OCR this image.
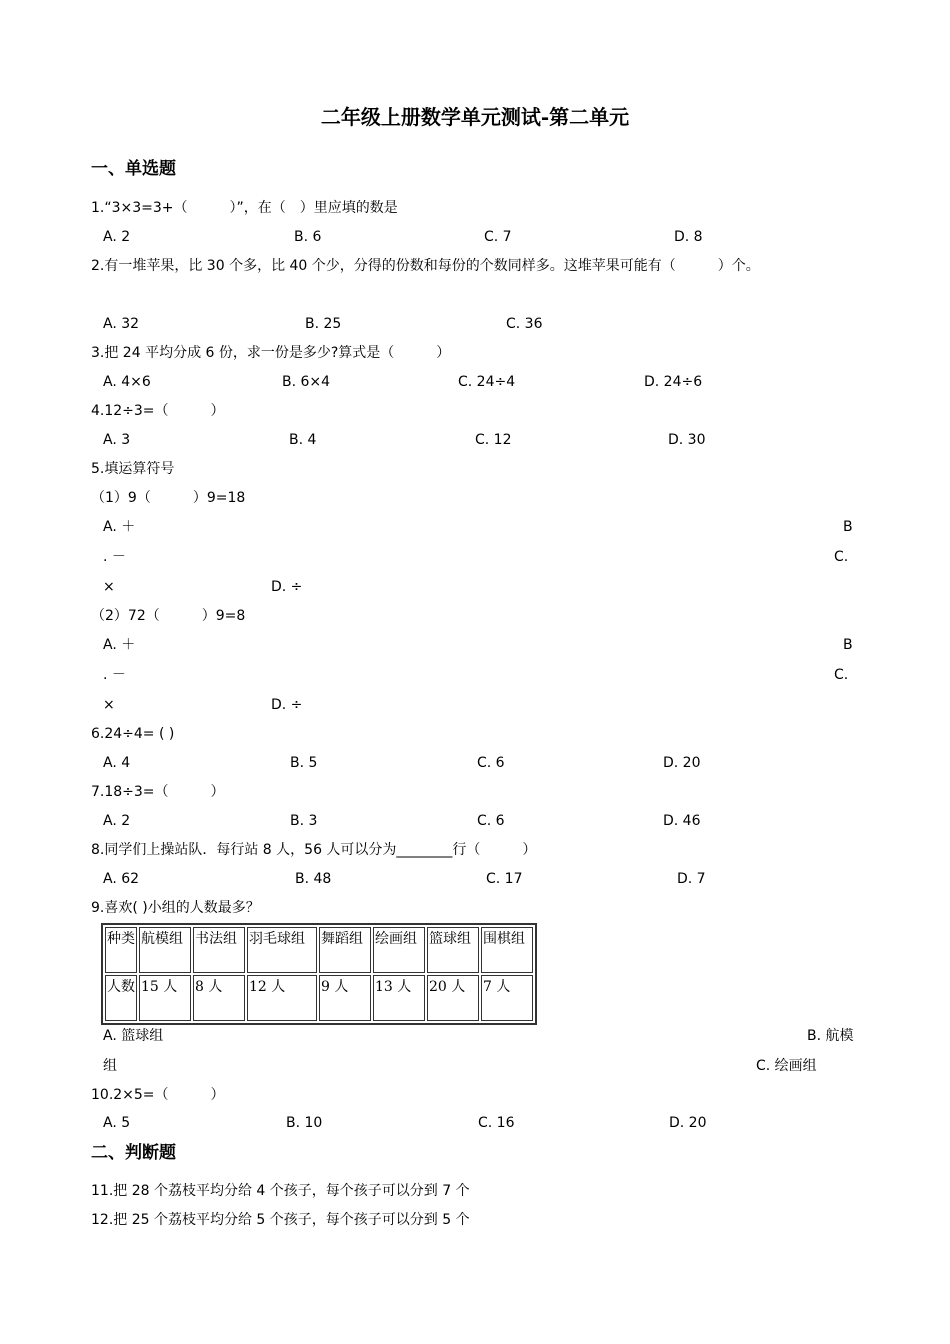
二年级上册数学单元测试-第二单元
一、单选题
1.“3×3=3+（　　　）”，在（　）里应填的数是
A. 2	B. 6	C. 7	D. 8
2.有一堆苹果，比 30 个多，比 40 个少，分得的份数和每份的个数同样多。这堆苹果可能有（　　　）个。
A. 32	B. 25	C. 36
3.把 24 平均分成 6 份，求一份是多少?算式是（　　　）
A. 4×6	B. 6×4	C. 24÷4	D. 24÷6
4.12÷3=（　　　）
A. 3	B. 4	C. 12	D. 30
5.填运算符号
（1）9（　　　）9=18
A. ＋	B
. －	C.
×	D. ÷
（2）72（　　　）9=8
A. ＋	B
. －	C.
×	D. ÷
6.24÷4= ( )
A. 4	B. 5	C. 6	D. 20
7.18÷3=（　　　）
A. 2	B. 3	C. 6	D. 46
8.同学们上操站队．每行站 8 人，56 人可以分为________行（　　　）
A. 62	B. 48	C. 17	D. 7
9.喜欢( )小组的人数最多？
种类	航模组	书法组	羽毛球组	舞蹈组	绘画组	篮球组	围棋组
人数	15 人	8 人	12 人	9 人	13 人	20 人	7 人
A. 篮球组	B. 航模
组	C. 绘画组
10.2×5=（　　　）
A. 5	B. 10	C. 16	D. 20
二、判断题
11.把 28 个荔枝平均分给 4 个孩子，每个孩子可以分到 7 个
12.把 25 个荔枝平均分给 5 个孩子，每个孩子可以分到 5 个
